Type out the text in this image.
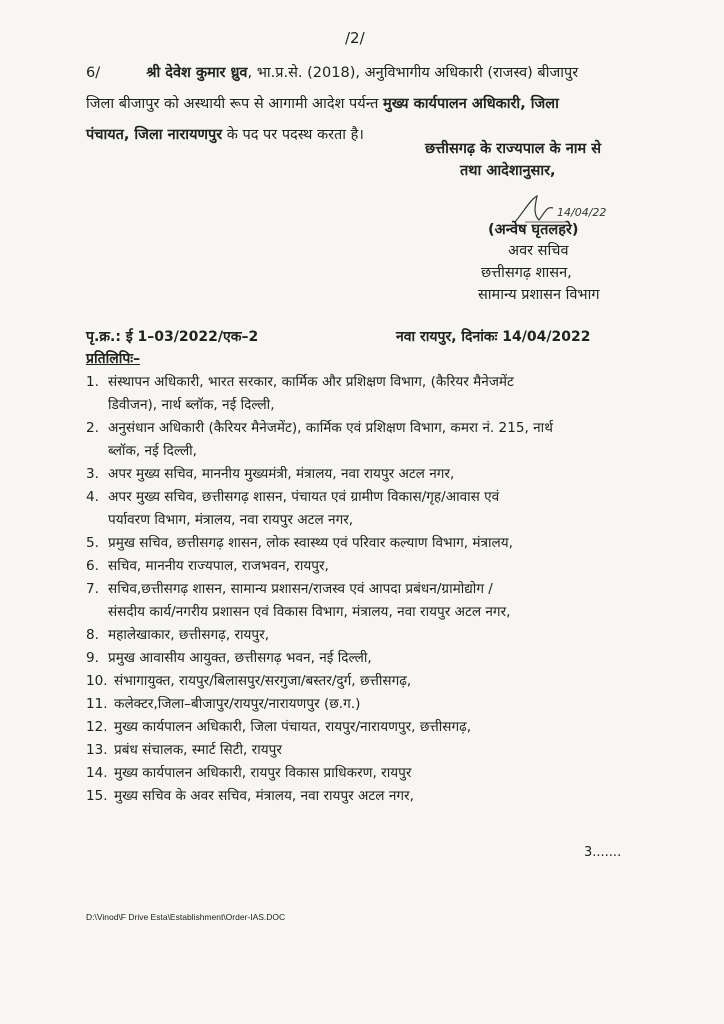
/2/
6/	श्री देवेश कुमार ध्रुव, भा.प्र.से. (2018), अनुविभागीय अधिकारी (राजस्व) बीजापुर
जिला बीजापुर को अस्थायी रूप से आगामी आदेश पर्यन्त मुख्य कार्यपालन अधिकारी, जिला
पंचायत, जिला नारायणपुर के पद पर पदस्थ करता है।
छत्तीसगढ़ के राज्यपाल के नाम से
तथा आदेशानुसार,
14/04/22
(अन्वेष घृतलहरे)
अवर सचिव
छत्तीसगढ़ शासन,
सामान्य प्रशासन विभाग
पृ.क्र.: ई 1–03/2022/एक–2	नवा रायपुर, दिनांकः 14/04/2022
प्रतिलिपिः–
1. संस्थापन अधिकारी, भारत सरकार, कार्मिक और प्रशिक्षण विभाग, (कैरियर मैनेजमेंट
डिवीजन), नार्थ ब्लॉक, नई दिल्ली,
2. अनुसंधान अधिकारी (कैरियर मैनेजमेंट), कार्मिक एवं प्रशिक्षण विभाग, कमरा नं. 215, नार्थ
ब्लॉक, नई दिल्ली,
3. अपर मुख्य सचिव, माननीय मुख्यमंत्री, मंत्रालय, नवा रायपुर अटल नगर,
4. अपर मुख्य सचिव, छत्तीसगढ़ शासन, पंचायत एवं ग्रामीण विकास/गृह/आवास एवं
पर्यावरण विभाग, मंत्रालय, नवा रायपुर अटल नगर,
5. प्रमुख सचिव, छत्तीसगढ़ शासन, लोक स्वास्थ्य एवं परिवार कल्याण विभाग, मंत्रालय,
6. सचिव, माननीय राज्यपाल, राजभवन, रायपुर,
7. सचिव,छत्तीसगढ़ शासन, सामान्य प्रशासन/राजस्व एवं आपदा प्रबंधन/ग्रामोद्योग /
संसदीय कार्य/नगरीय प्रशासन एवं विकास विभाग, मंत्रालय, नवा रायपुर अटल नगर,
8. महालेखाकार, छत्तीसगढ़, रायपुर,
9. प्रमुख आवासीय आयुक्त, छत्तीसगढ़ भवन, नई दिल्ली,
10. संभागायुक्त, रायपुर/बिलासपुर/सरगुजा/बस्तर/दुर्ग, छत्तीसगढ़,
11. कलेक्टर,जिला–बीजापुर/रायपुर/नारायणपुर (छ.ग.)
12. मुख्य कार्यपालन अधिकारी, जिला पंचायत, रायपुर/नारायणपुर, छत्तीसगढ़,
13. प्रबंध संचालक, स्मार्ट सिटी, रायपुर
14. मुख्य कार्यपालन अधिकारी, रायपुर विकास प्राधिकरण, रायपुर
15. मुख्य सचिव के अवर सचिव, मंत्रालय, नवा रायपुर अटल नगर,
3.......
D:\Vinod\F Drive Esta\Establishment\Order-IAS.DOC
